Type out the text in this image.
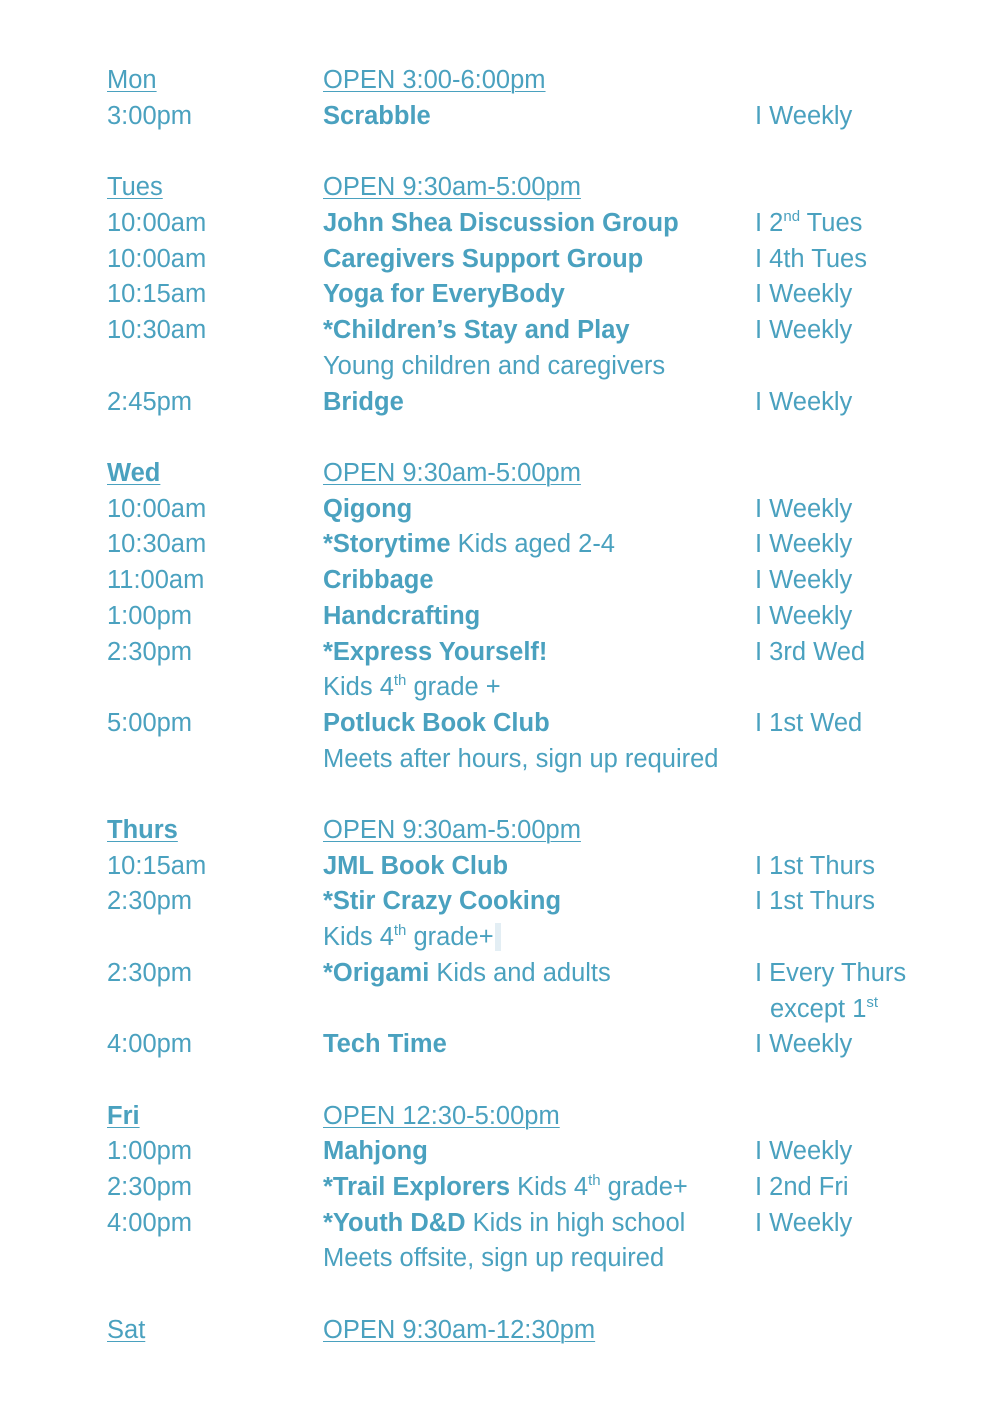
Mon	OPEN 3:00-6:00pm
3:00pm	Scrabble	I Weekly
Tues	OPEN 9:30am-5:00pm
10:00am	John Shea Discussion Group	I 2nd Tues
10:00am	Caregivers Support Group	I 4th Tues
10:15am	Yoga for EveryBody	I Weekly
10:30am	*Children’s Stay and Play	I Weekly
Young children and caregivers
2:45pm	Bridge	I Weekly
Wed	OPEN 9:30am-5:00pm
10:00am	Qigong	I Weekly
10:30am	*Storytime Kids aged 2-4	I Weekly
11:00am	Cribbage	I Weekly
1:00pm	Handcrafting	I Weekly
2:30pm	*Express Yourself!	I 3rd Wed
Kids 4th grade +
5:00pm	Potluck Book Club	I 1st Wed
Meets after hours, sign up required
Thurs	OPEN 9:30am-5:00pm
10:15am	JML Book Club	I 1st Thurs
2:30pm	*Stir Crazy Cooking	I 1st Thurs
Kids 4th grade+
2:30pm	*Origami Kids and adults	I Every Thurs
except 1st
4:00pm	Tech Time	I Weekly
Fri	OPEN 12:30-5:00pm
1:00pm	Mahjong	I Weekly
2:30pm	*Trail Explorers Kids 4th grade+	I 2nd Fri
4:00pm	*Youth D&D Kids in high school	I Weekly
Meets offsite, sign up required
Sat	OPEN 9:30am-12:30pm
